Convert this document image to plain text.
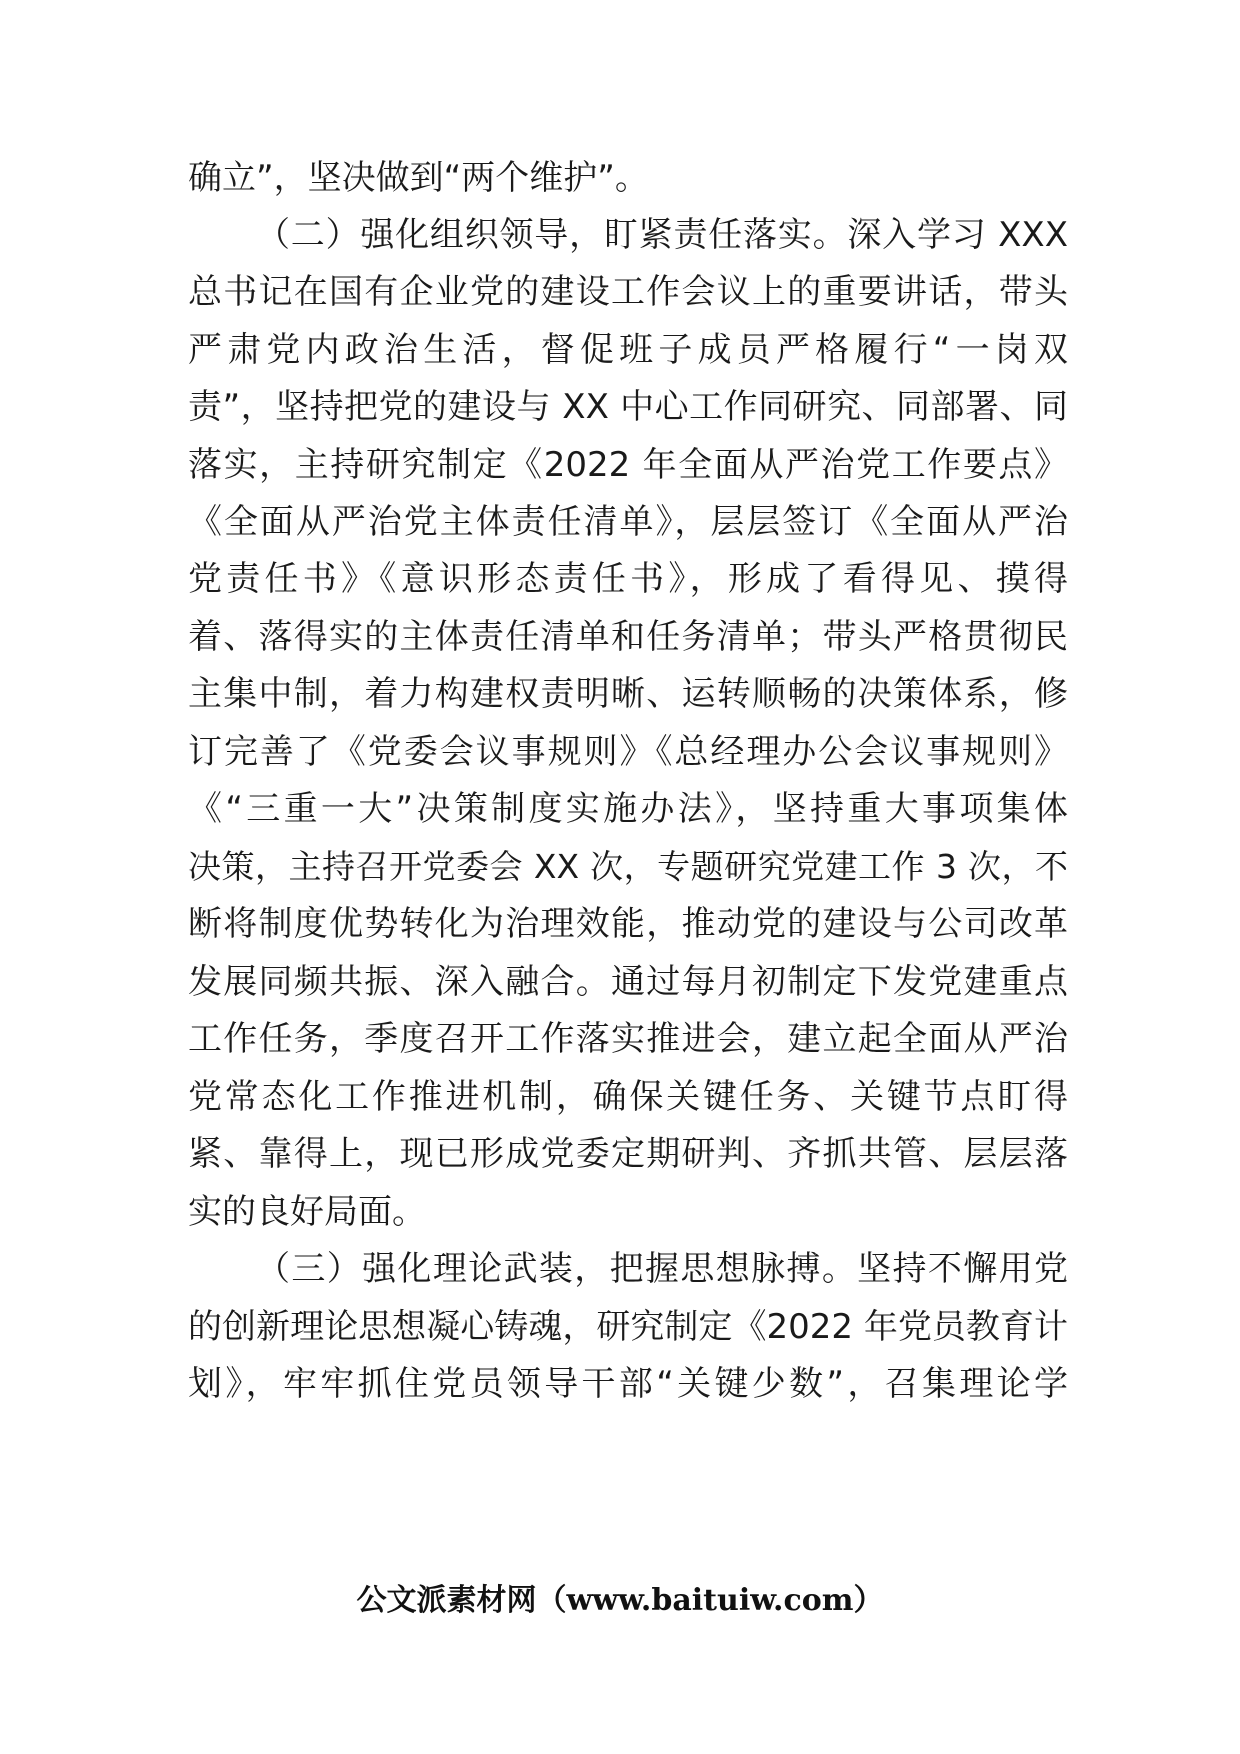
确立”，坚决做到“两个维护”。
（二）强化组织领导，盯紧责任落实。深入学习 XXX
总书记在国有企业党的建设工作会议上的重要讲话，带头
严肃党内政治生活，督促班子成员严格履行“一岗双
责”，坚持把党的建设与 XX 中心工作同研究、同部署、同
落实，主持研究制定《2022 年全面从严治党工作要点》
《全面从严治党主体责任清单》，层层签订《全面从严治
党责任书》《意识形态责任书》，形成了看得见、摸得
着、落得实的主体责任清单和任务清单；带头严格贯彻民
主集中制，着力构建权责明晰、运转顺畅的决策体系，修
订完善了《党委会议事规则》《总经理办公会议事规则》
《“三重一大”决策制度实施办法》，坚持重大事项集体
决策，主持召开党委会 XX 次，专题研究党建工作 3 次，不
断将制度优势转化为治理效能，推动党的建设与公司改革
发展同频共振、深入融合。通过每月初制定下发党建重点
工作任务，季度召开工作落实推进会，建立起全面从严治
党常态化工作推进机制，确保关键任务、关键节点盯得
紧、靠得上，现已形成党委定期研判、齐抓共管、层层落
实的良好局面。
（三）强化理论武装，把握思想脉搏。坚持不懈用党
的创新理论思想凝心铸魂，研究制定《2022 年党员教育计
划》，牢牢抓住党员领导干部“关键少数”，召集理论学
公文派素材网（www.baituiw.com）
